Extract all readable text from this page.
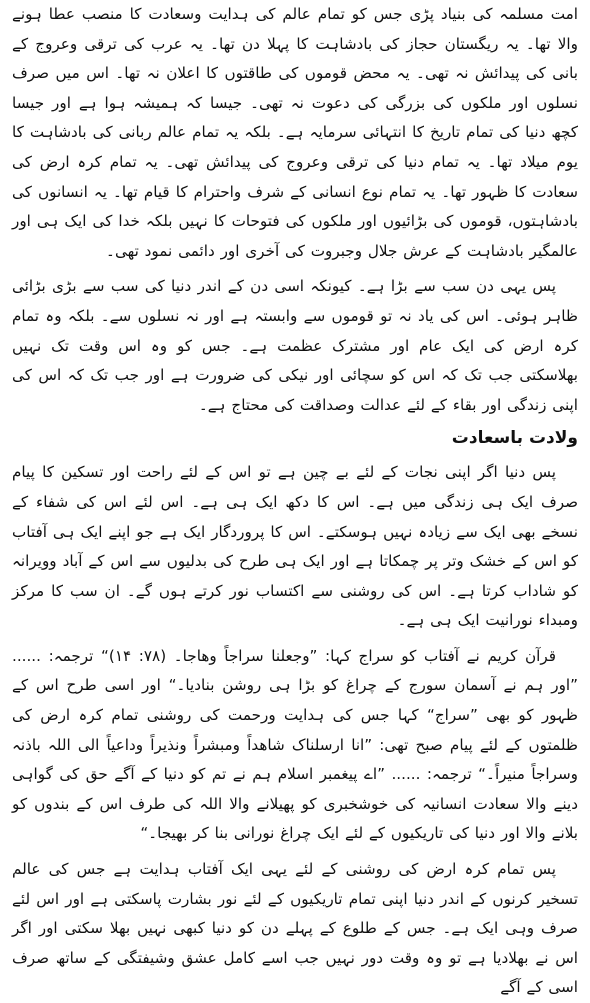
امت مسلمہ کی بنیاد پڑی جس کو تمام عالم کی ہدایت وسعادت کا منصب عطا ہونے والا تھا۔ یہ ریگستان حجاز کی بادشاہت کا پہلا دن تھا۔ یہ عرب کی ترقی وعروج کے بانی کی پیدائش نہ تھی۔ یہ محض قوموں کی طاقتوں کا اعلان نہ تھا۔ اس میں صرف نسلوں اور ملکوں کی بزرگی کی دعوت نہ تھی۔ جیسا کہ ہمیشہ ہوا ہے اور جیسا کچھ دنیا کی تمام تاریخ کا انتہائی سرمایہ ہے۔ بلکہ یہ تمام عالم ربانی کی بادشاہت کا یوم میلاد تھا۔ یہ تمام دنیا کی ترقی وعروج کی پیدائش تھی۔ یہ تمام کرہ ارض کی سعادت کا ظہور تھا۔ یہ تمام نوع انسانی کے شرف واحترام کا قیام تھا۔ یہ انسانوں کی بادشاہتوں، قوموں کی بڑائیوں اور ملکوں کی فتوحات کا نہیں بلکہ خدا کی ایک ہی اور عالمگیر بادشاہت کے عرش جلال وجبروت کی آخری اور دائمی نمود تھی۔

پس یہی دن سب سے بڑا ہے۔ کیونکہ اسی دن کے اندر دنیا کی سب سے بڑی بڑائی ظاہر ہوئی۔ اس کی یاد نہ تو قوموں سے وابستہ ہے اور نہ نسلوں سے۔ بلکہ وہ تمام کرہ ارض کی ایک عام اور مشترک عظمت ہے۔ جس کو وہ اس وقت تک نہیں بھلاسکتی جب تک کہ اس کو سچائی اور نیکی کی ضرورت ہے اور جب تک کہ اس کی اپنی زندگی اور بقاء کے لئے عدالت وصداقت کی محتاج ہے۔

ولادت باسعادت

پس دنیا اگر اپنی نجات کے لئے بے چین ہے تو اس کے لئے راحت اور تسکین کا پیام صرف ایک ہی زندگی میں ہے۔ اس کا دکھ ایک ہی ہے۔ اس لئے اس کی شفاء کے نسخے بھی ایک سے زیادہ نہیں ہوسکتے۔ اس کا پروردگار ایک ہے جو اپنے ایک ہی آفتاب کو اس کے خشک وتر پر چمکاتا ہے اور ایک ہی طرح کی بدلیوں سے اس کے آباد وویرانہ کو شاداب کرتا ہے۔ اس کی روشنی سے اکتساب نور کرتے ہوں گے۔ ان سب کا مرکز ومبداء نورانیت ایک ہی ہے۔

قرآن کریم نے آفتاب کو سراج کہا: ”وجعلنا سراجاً وھاجا۔ (۷۸: ۱۴)“ ترجمہ: ...... ”اور ہم نے آسمان سورج کے چراغ کو بڑا ہی روشن بنادیا۔“ اور اسی طرح اس کے ظہور کو بھی ”سراج“ کہا جس کی ہدایت ورحمت کی روشنی تمام کرہ ارض کی ظلمتوں کے لئے پیام صبح تھی: ”انا ارسلناک شاھداً ومبشراً ونذیراً وداعیاً الی اللہ باذنہ وسراجاً منیراً۔“ ترجمہ: ...... ”اے پیغمبر اسلام ہم نے تم کو دنیا کے آگے حق کی گواہی دینے والا سعادت انسانیہ کی خوشخبری کو پھیلانے والا اللہ کی طرف اس کے بندوں کو بلانے والا اور دنیا کی تاریکیوں کے لئے ایک چراغ نورانی بنا کر بھیجا۔“

پس تمام کرہ ارض کی روشنی کے لئے یہی ایک آفتاب ہدایت ہے جس کی عالم تسخیر کرنوں کے اندر دنیا اپنی تمام تاریکیوں کے لئے نور بشارت پاسکتی ہے اور اس لئے صرف وہی ایک ہے۔ جس کے طلوع کے پہلے دن کو دنیا کبھی نہیں بھلا سکتی اور اگر اس نے بھلادیا ہے تو وہ وقت دور نہیں جب اسے کامل عشق وشیفتگی کے ساتھ صرف اسی کے آگے
